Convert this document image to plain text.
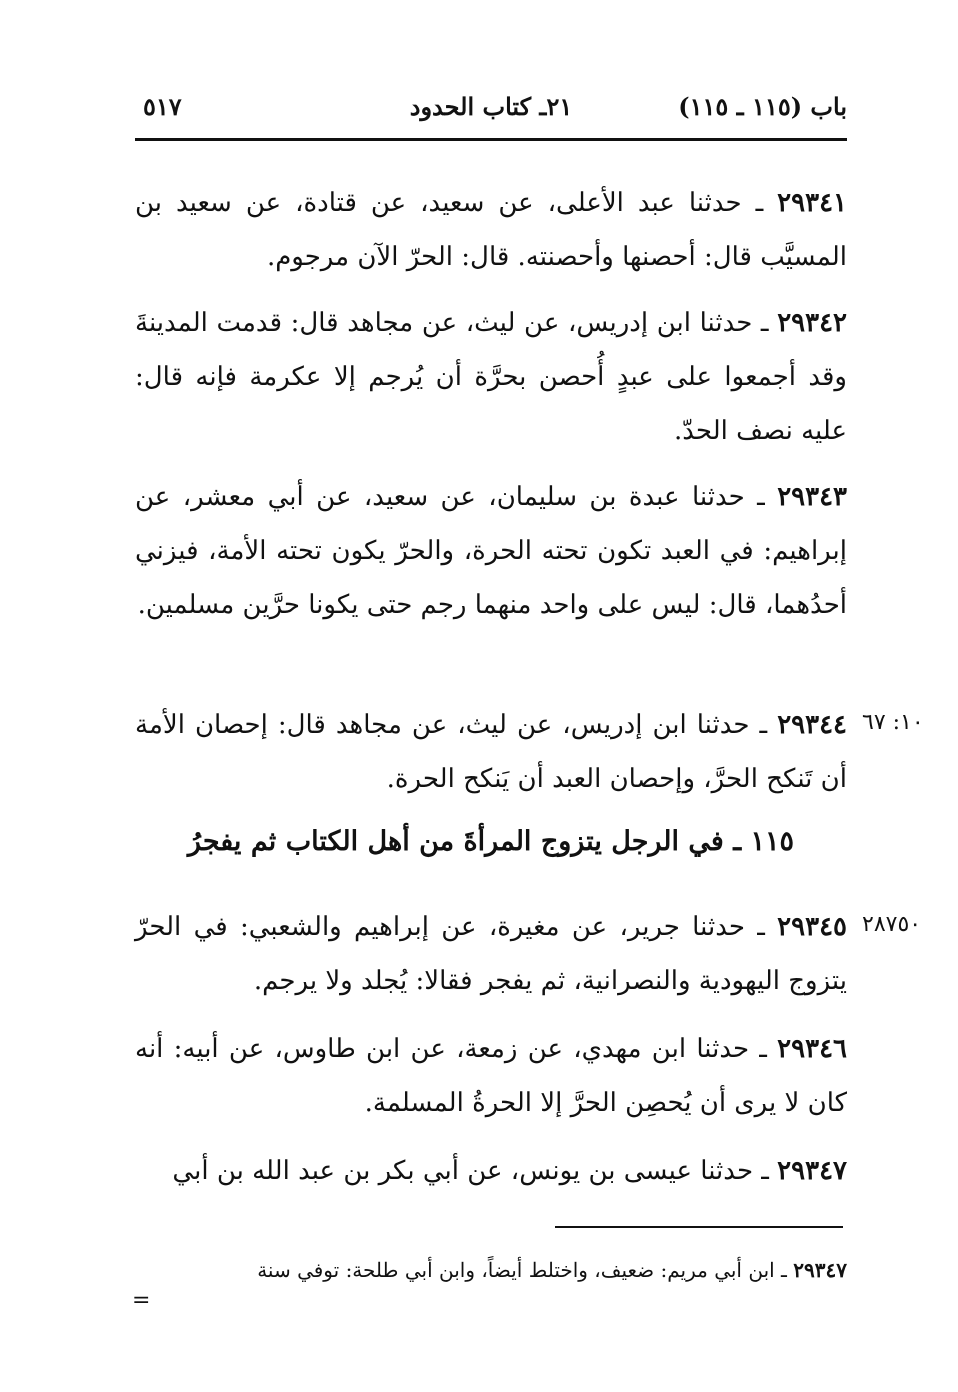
باب (١١٥ ـ ١١٥)
٢١ـ كتاب الحدود
٥١٧
٢٩٣٤١ ـ حدثنا عبد الأعلى، عن سعيد، عن قتادة، عن سعيد بن المسيَّب قال: أحصنها وأحصنته. قال: الحرّ الآن مرجوم.
٢٩٣٤٢ ـ حدثنا ابن إدريس، عن ليث، عن مجاهد قال: قدمت المدينةَ وقد أجمعوا على عبدٍ أُحصن بحرَّة أن يُرجم إلا عكرمة فإنه قال: عليه نصف الحدّ.
٢٩٣٤٣ ـ حدثنا عبدة بن سليمان، عن سعيد، عن أبي معشر، عن إبراهيم: في العبد تكون تحته الحرة، والحرّ يكون تحته الأمة، فيزني أحدُهما، قال: ليس على واحد منهما رجم حتى يكونا حرَّين مسلمين.
٢٩٣٤٤ ـ حدثنا ابن إدريس، عن ليث، عن مجاهد قال: إحصان الأمة أن تَنكح الحرَّ، وإحصان العبد أن يَنكح الحرة.
١٠: ٦٧
١١٥ ـ في الرجل يتزوج المرأةَ من أهل الكتاب ثم يفجرُ
٢٩٣٤٥ ـ حدثنا جرير، عن مغيرة، عن إبراهيم والشعبي: في الحرّ يتزوج اليهودية والنصرانية، ثم يفجر فقالا: يُجلد ولا يرجم.
٢٨٧٥٠
٢٩٣٤٦ ـ حدثنا ابن مهدي، عن زمعة، عن ابن طاوس، عن أبيه: أنه كان لا يرى أن يُحصِن الحرَّ إلا الحرةُ المسلمة.
٢٩٣٤٧ ـ حدثنا عيسى بن يونس، عن أبي بكر بن عبد الله بن أبي
٢٩٣٤٧ ـ ابن أبي مريم: ضعيف، واختلط أيضاً، وابن أبي طلحة: توفي سنة
=
